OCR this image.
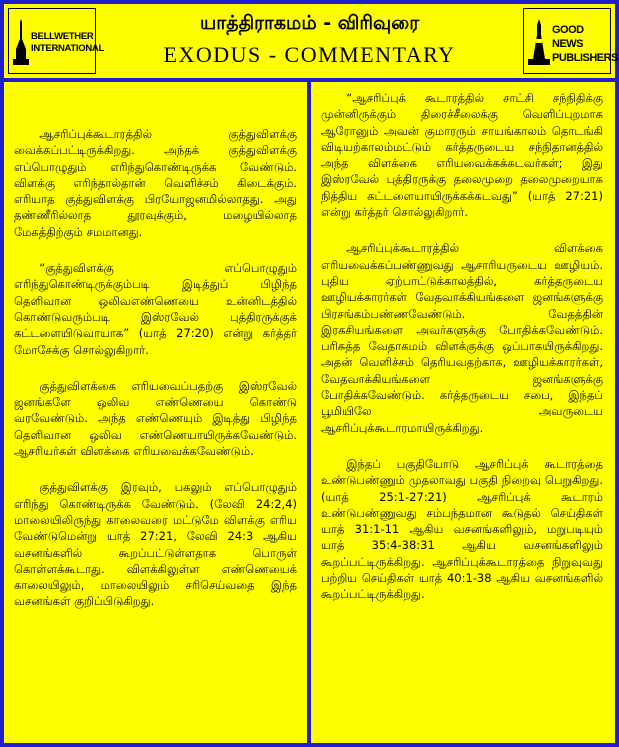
BELLWETHER
INTERNATIONAL
யாத்திராகமம் - விரிவுரை
EXODUS - COMMENTARY
GOOD NEWS
PUBLISHERS

ஆசரிப்புக்கூடாரத்தில் குத்துவிளக்கு வைக்கப்பட்டிருக்கிறது. அந்தக் குத்துவிளக்கு எப்பொழுதும் எரிந்துகொண்டிருக்க வேண்டும். விளக்கு எரிந்தால்தான் வெளிச்சம் கிடைக்கும். எரியாத குத்துவிளக்கு பிரயோஜனமில்லாதது. அது தண்ணீரில்லாத தூரவுக்கும், மழையில்லாத மேகத்திற்கும் சமமானது.

“குத்துவிளக்கு எப்பொழுதும் எரிந்துகொண்டிருக்கும்படி இடித்துப் பிழிந்த தெளிவான ஒலிவஎண்ணெயை உன்னிடத்தில் கொண்டுவரும்படி இஸ்ரவேல் புத்திரருக்குக் கட்டளையிடுவாயாக” (யாத் 27:20) என்று கர்த்தர் மோசேக்கு சொல்லுகிறார்.

குத்துவிளக்கை எரியவைப்பதற்கு இஸ்ரவேல் ஜனங்களே ஒலிவ எண்ணெயை கொண்டு வரவேண்டும். அந்த எண்ணெயும் இடித்து பிழிந்த தெளிவான ஒலிவ எண்ணெயாயிருக்கவேண்டும். ஆசரியர்கள் விளக்கை எரியவைக்கவேண்டும்.

குத்துவிளக்கு இரவும், பகலும் எப்பொழுதும் எரிந்து கொண்டிருக்க வேண்டும். (லேவி 24:2,4) மாலையிலிருந்து காலைவரை மட்டுமே விளக்கு எரிய வேண்டுமென்று யாத் 27:21, லேவி 24:3 ஆகிய வசனங்களில் கூறப்பட்டுள்ளதாக பொருள் கொள்ளக்கூடாது. விளக்கிலுள்ள எண்ணெயைக் காலையிலும், மாலையிலும் சரிசெய்வதை இந்த வசனங்கள் குறிப்பிடுகிறது.

“ஆசரிப்புக் கூடாரத்தில் சாட்சி சந்நிதிக்கு முன்னிருக்கும் திரைச்சீலைக்கு வெளிப்புறமாக ஆரோனும் அவன் குமாரரும் சாயங்காலம் தொடங்கி விடியற்காலம்மட்டும் கர்த்தருடைய சந்நிதானத்தில் அந்த விளக்கை எரியவைக்கக்கடவர்கள்; இது இஸ்ரவேல் புத்திரருக்கு தலைமுறை தலைமுறையாக நித்திய கட்டளையாயிருக்கக்கடவது” (யாத் 27:21) என்று கர்த்தர் சொல்லுகிறார்.

ஆசரிப்புக்கூடாரத்தில் விளக்கை எரியவைக்கப்பண்ணுவது ஆசாரியருடைய ஊழியம். புதிய ஏற்பாட்டுக்காலத்தில், கர்த்தருடைய ஊழியக்காரர்கள் வேதவாக்கியங்களை ஜனங்களுக்கு பிரசங்கம்பண்ணவேண்டும். வேதத்தின் இரகசியங்களை அவர்களுக்கு போதிக்கவேண்டும். பரிசுத்த வேதாகமம் விளக்குக்கு ஒப்பாகயிருக்கிறது. அதன் வெளிச்சம் தெரியவதற்காக, ஊழியக்காரர்கள், வேதவாக்கியங்களை ஜனங்களுக்கு போதிக்கவேண்டும். கர்த்தருடைய சபை, இந்தப் பூமியிலே அவருடைய ஆசரிப்புக்கூடாரமாயிருக்கிறது.

இந்தப் பகுதியோடு ஆசரிப்புக் கூடாரத்தை உண்டுபண்ணும் முதலாவது பகுதி நிறைவு பெறுகிறது. (யாத் 25:1-27:21) ஆசரிப்புக் கூடாரம் உண்டுபண்ணுவது சம்பந்தமான கூடுதல் செய்திகள் யாத் 31:1-11 ஆகிய வசனங்களிலும், மறுபடியும் யாத் 35:4-38:31 ஆகிய வசனங்களிலும் கூறப்பட்டிருக்கிறது. ஆசரிப்புக்கூடாரத்தை நிறுவுவது பற்றிய செய்திகள் யாத் 40:1-38 ஆகிய வசனங்களில் கூறப்பட்டிருக்கிறது.
